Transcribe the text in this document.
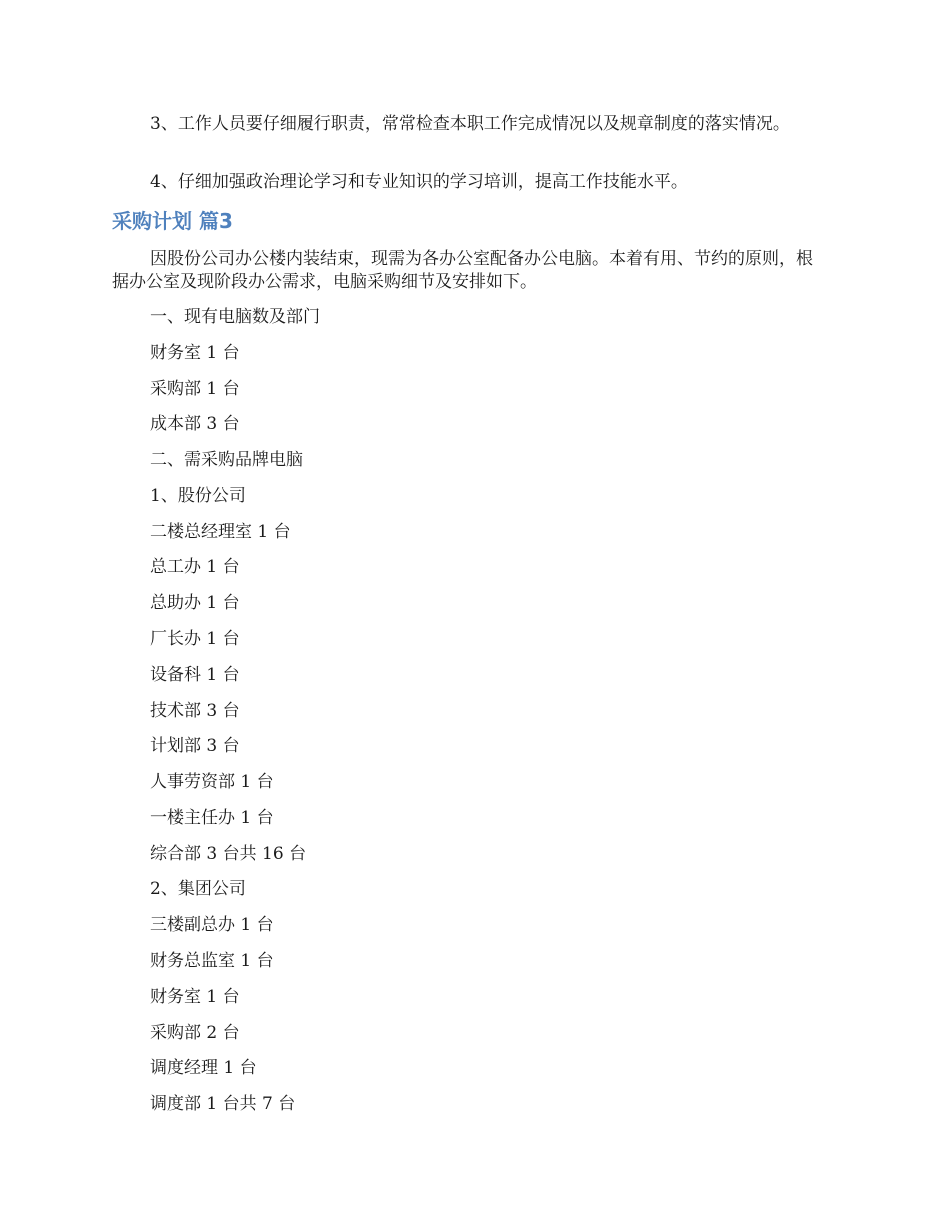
3、工作人员要仔细履行职责，常常检查本职工作完成情况以及规章制度的落实情况。

4、仔细加强政治理论学习和专业知识的学习培训，提高工作技能水平。

采购计划 篇3

因股份公司办公楼内装结束，现需为各办公室配备办公电脑。本着有用、节约的原则，根据办公室及现阶段办公需求，电脑采购细节及安排如下。

一、现有电脑数及部门

财务室 1 台

采购部 1 台

成本部 3 台

二、需采购品牌电脑

1、股份公司

二楼总经理室 1 台

总工办 1 台

总助办 1 台

厂长办 1 台

设备科 1 台

技术部 3 台

计划部 3 台

人事劳资部 1 台

一楼主任办 1 台

综合部 3 台共 16 台

2、集团公司

三楼副总办 1 台

财务总监室 1 台

财务室 1 台

采购部 2 台

调度经理 1 台

调度部 1 台共 7 台
